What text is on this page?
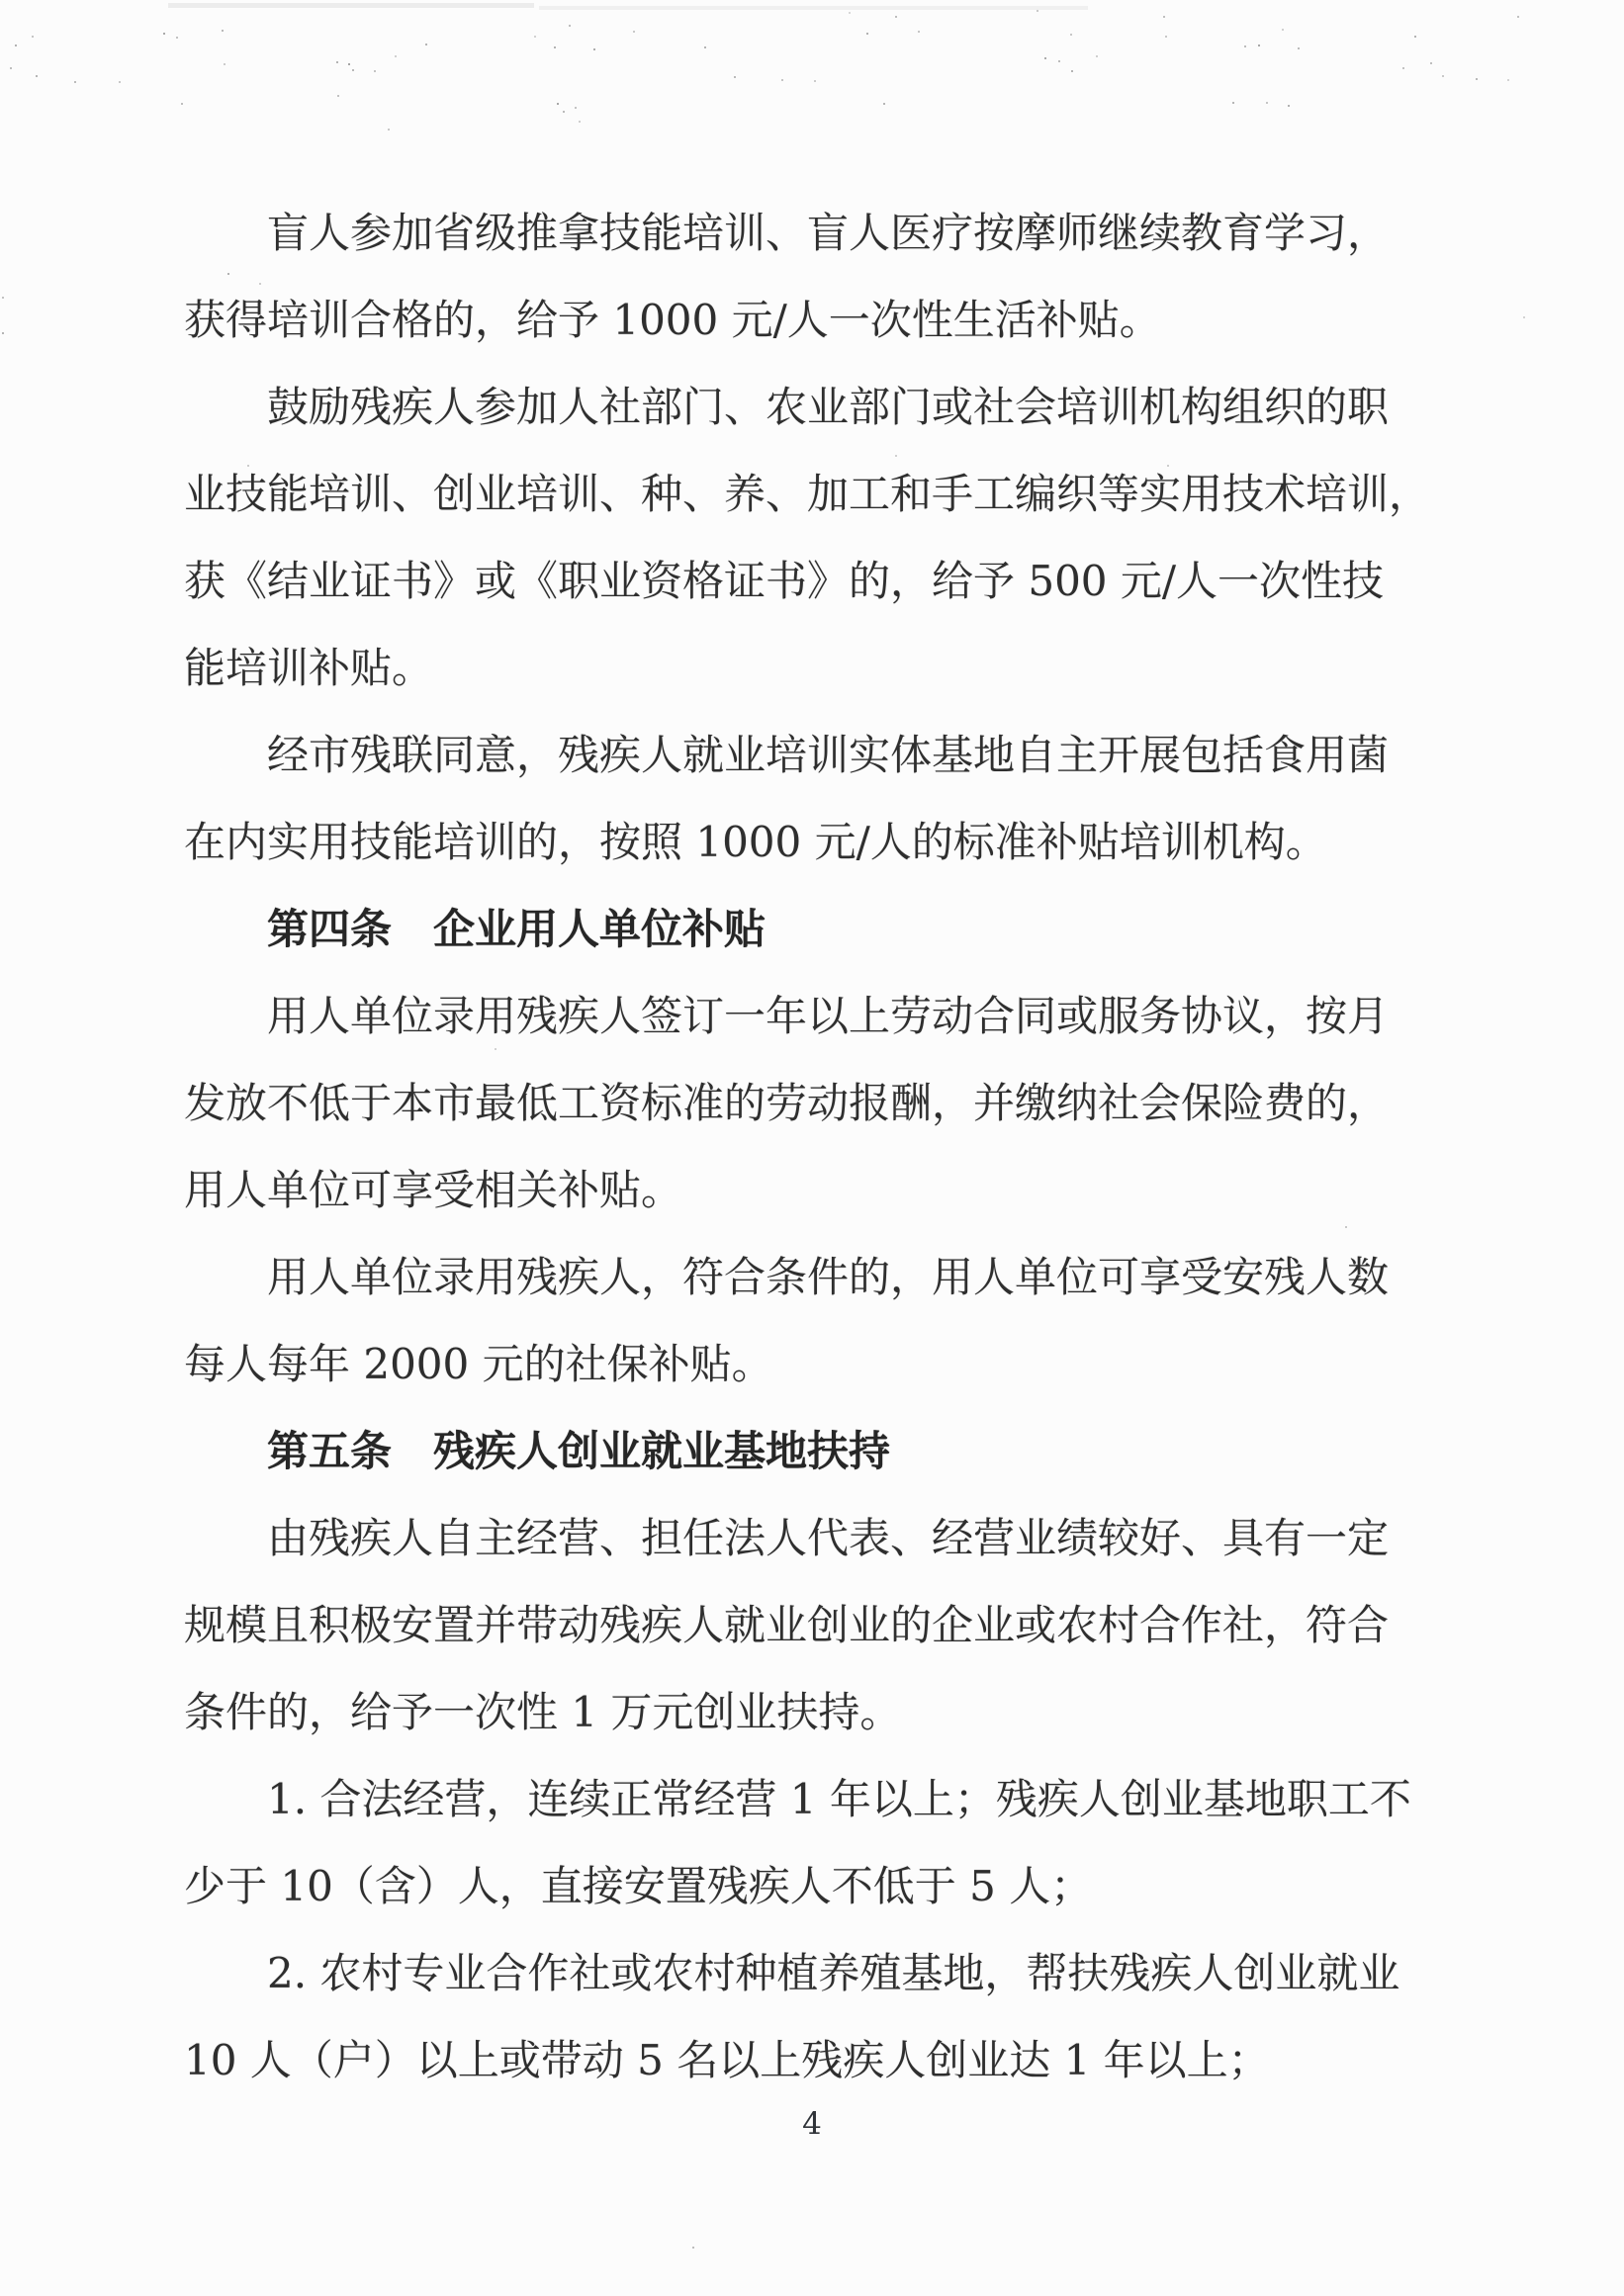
盲人参加省级推拿技能培训、盲人医疗按摩师继续教育学习，

获得培训合格的，给予 1000 元/人一次性生活补贴。

鼓励残疾人参加人社部门、农业部门或社会培训机构组织的职

业技能培训、创业培训、种、养、加工和手工编织等实用技术培训，

获《结业证书》或《职业资格证书》的，给予 500 元/人一次性技

能培训补贴。

经市残联同意，残疾人就业培训实体基地自主开展包括食用菌

在内实用技能培训的，按照 1000 元/人的标准补贴培训机构。

第四条　企业用人单位补贴

用人单位录用残疾人签订一年以上劳动合同或服务协议，按月

发放不低于本市最低工资标准的劳动报酬，并缴纳社会保险费的，

用人单位可享受相关补贴。

用人单位录用残疾人，符合条件的，用人单位可享受安残人数

每人每年 2000 元的社保补贴。

第五条　残疾人创业就业基地扶持

由残疾人自主经营、担任法人代表、经营业绩较好、具有一定

规模且积极安置并带动残疾人就业创业的企业或农村合作社，符合

条件的，给予一次性 1 万元创业扶持。

1. 合法经营，连续正常经营 1 年以上；残疾人创业基地职工不

少于 10（含）人，直接安置残疾人不低于 5 人；

2. 农村专业合作社或农村种植养殖基地，帮扶残疾人创业就业

10 人（户）以上或带动 5 名以上残疾人创业达 1 年以上；

4
